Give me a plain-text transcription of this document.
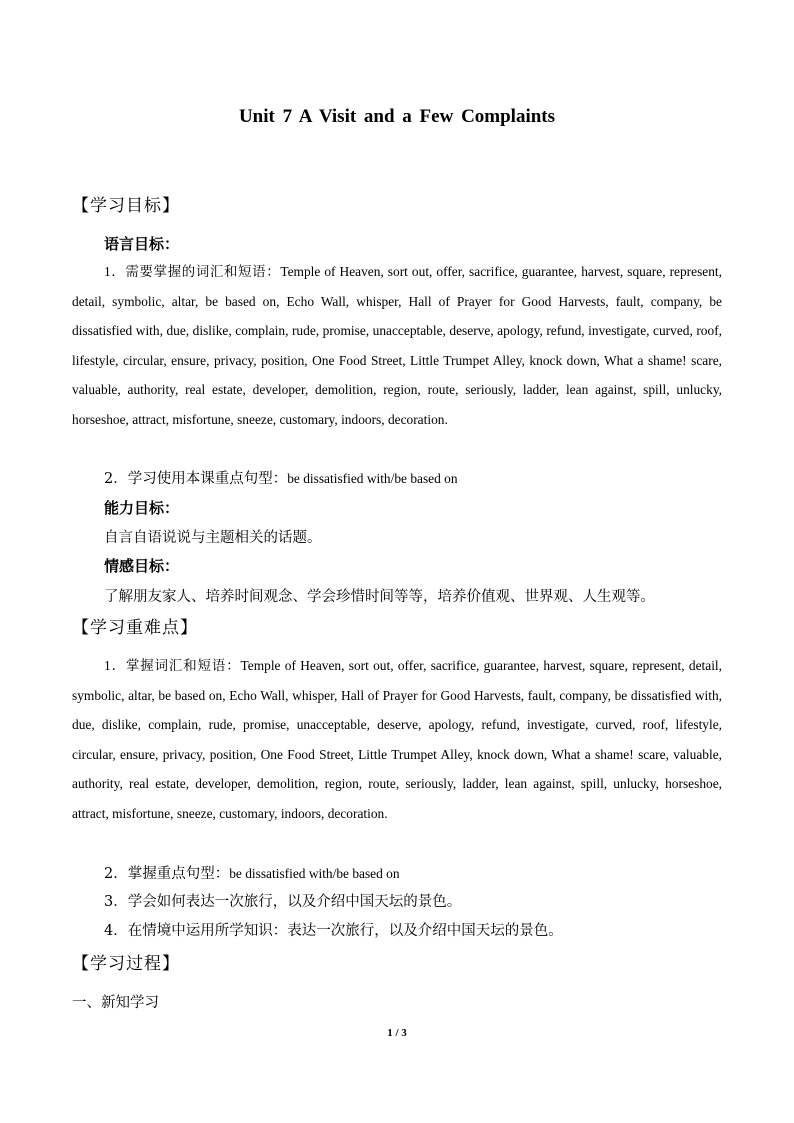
Unit 7 A Visit and a Few Complaints
【学习目标】
语言目标：
1．需要掌握的词汇和短语：Temple of Heaven, sort out, offer, sacrifice, guarantee, harvest, square, represent, detail, symbolic, altar, be based on, Echo Wall, whisper, Hall of Prayer for Good Harvests, fault, company, be dissatisfied with, due, dislike, complain, rude, promise, unacceptable, deserve, apology, refund, investigate, curved, roof, lifestyle, circular, ensure, privacy, position, One Food Street, Little Trumpet Alley, knock down, What a shame! scare, valuable, authority, real estate, developer, demolition, region, route, seriously, ladder, lean against, spill, unlucky, horseshoe, attract, misfortune, sneeze, customary, indoors, decoration.
2．学习使用本课重点句型：be dissatisfied with/be based on
能力目标：
自言自语说说与主题相关的话题。
情感目标：
了解朋友家人、培养时间观念、学会珍惜时间等等，培养价值观、世界观、人生观等。
【学习重难点】
1．掌握词汇和短语：Temple of Heaven, sort out, offer, sacrifice, guarantee, harvest, square, represent, detail, symbolic, altar, be based on, Echo Wall, whisper, Hall of Prayer for Good Harvests, fault, company, be dissatisfied with, due, dislike, complain, rude, promise, unacceptable, deserve, apology, refund, investigate, curved, roof, lifestyle, circular, ensure, privacy, position, One Food Street, Little Trumpet Alley, knock down, What a shame! scare, valuable, authority, real estate, developer, demolition, region, route, seriously, ladder, lean against, spill, unlucky, horseshoe, attract, misfortune, sneeze, customary, indoors, decoration.
2．掌握重点句型：be dissatisfied with/be based on
3．学会如何表达一次旅行，以及介绍中国天坛的景色。
4．在情境中运用所学知识：表达一次旅行，以及介绍中国天坛的景色。
【学习过程】
一、新知学习
1 / 3
